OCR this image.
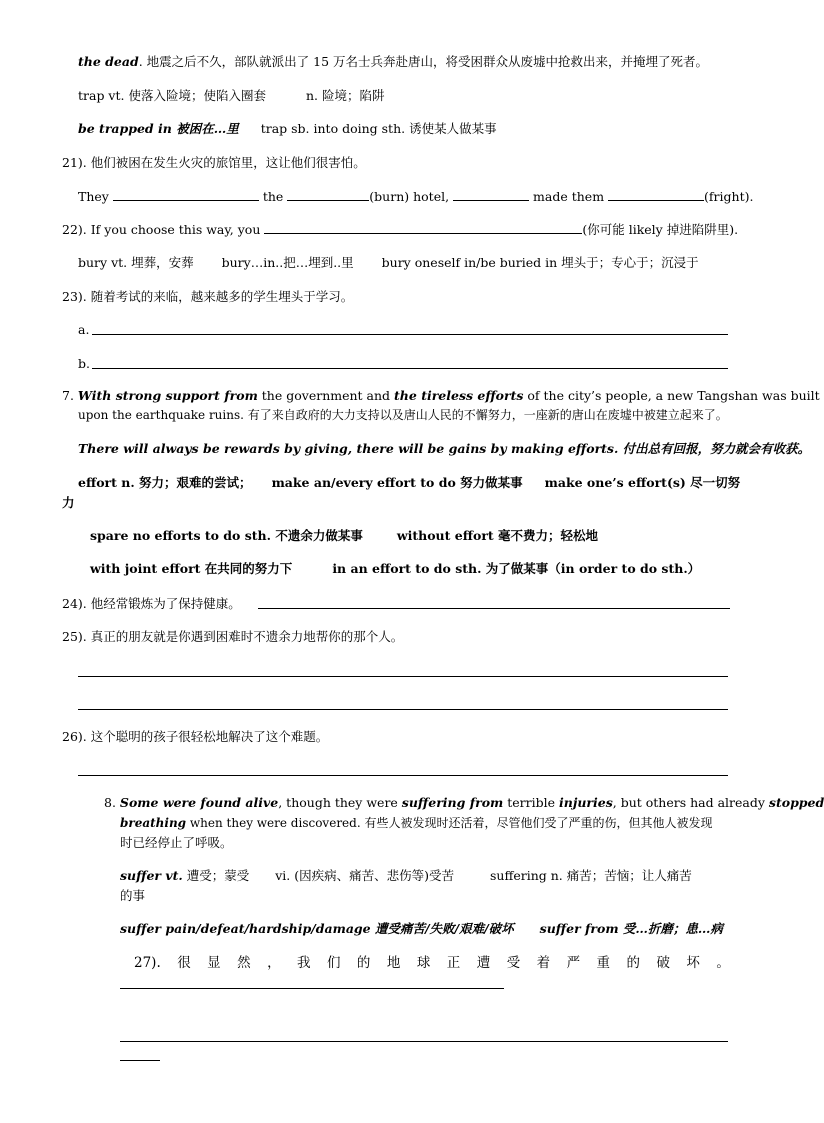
the dead. 地震之后不久，部队就派出了 15 万名士兵奔赴唐山，将受困群众从废墟中抢救出来，并掩埋了死者。
trap vt. 使落入险境；使陷入圈套	n. 险境；陷阱
be trapped in 被困在…里 trap sb. into doing sth. 诱使某人做某事
21). 他们被困在发生火灾的旅馆里，这让他们很害怕。
They	the	(burn) hotel,	made them	(fright).
22). If you choose this way, you	(你可能 likely 掉进陷阱里).
bury vt. 埋葬，安葬 bury…in..把…埋到..里 bury oneself in/be buried in 埋头于；专心于；沉浸于
23). 随着考试的来临，越来越多的学生埋头于学习。
a.
b.
7. With strong support from the government and the tireless efforts of the city’s people, a new Tangshan was built
upon the earthquake ruins. 有了来自政府的大力支持以及唐山人民的不懈努力，一座新的唐山在废墟中被建立起来了。
There will always be rewards by giving, there will be gains by making efforts. 付出总有回报，努力就会有收获。
effort n. 努力；艰难的尝试； make an/every effort to do 努力做某事 make one’s effort(s) 尽一切努
力
spare no efforts to do sth. 不遗余力做某事	without effort 毫不费力；轻松地
with joint effort 在共同的努力下	in an effort to do sth. 为了做某事（in order to do sth.）
24). 他经常锻炼为了保持健康。
25). 真正的朋友就是你遇到困难时不遗余力地帮你的那个人。
26). 这个聪明的孩子很轻松地解决了这个难题。
8. Some were found alive, though they were suffering from terrible injuries, but others had already stopped
breathing when they were discovered. 有些人被发现时还活着，尽管他们受了严重的伤，但其他人被发现
时已经停止了呼吸。
suffer vt. 遭受；蒙受 vi. (因疾病、痛苦、悲伤等)受苦	suffering n. 痛苦；苦恼；让人痛苦
的事
suffer pain/defeat/hardship/damage 遭受痛苦/失败/艰难/破坏 suffer from 受…折磨；患…病
27). 很 显 然 ， 我 们 的 地 球 正 遭 受 着 严 重 的 破 坏 。
